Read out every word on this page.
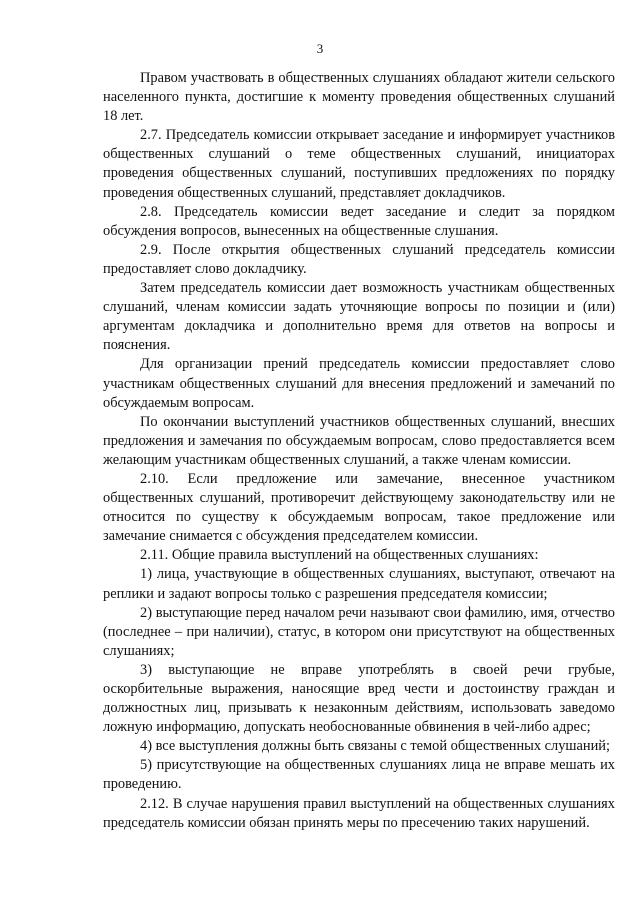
3

Правом участвовать в общественных слушаниях обладают жители сельского населенного пункта, достигшие к моменту проведения общественных слушаний 18 лет.

2.7. Председатель комиссии открывает заседание и информирует участников общественных слушаний о теме общественных слушаний, инициаторах проведения общественных слушаний, поступивших предложениях по порядку проведения общественных слушаний, представляет докладчиков.

2.8. Председатель комиссии ведет заседание и следит за порядком обсуждения вопросов, вынесенных на общественные слушания.

2.9. После открытия общественных слушаний председатель комиссии предоставляет слово докладчику.

Затем председатель комиссии дает возможность участникам общественных слушаний, членам комиссии задать уточняющие вопросы по позиции и (или) аргументам докладчика и дополнительно время для ответов на вопросы и пояснения.

Для организации прений председатель комиссии предоставляет слово участникам общественных слушаний для внесения предложений и замечаний по обсуждаемым вопросам.

По окончании выступлений участников общественных слушаний, внесших предложения и замечания по обсуждаемым вопросам, слово предоставляется всем желающим участникам общественных слушаний, а также членам комиссии.

2.10. Если предложение или замечание, внесенное участником общественных слушаний, противоречит действующему законодательству или не относится по существу к обсуждаемым вопросам, такое предложение или замечание снимается с обсуждения председателем комиссии.

2.11. Общие правила выступлений на общественных слушаниях:

1) лица, участвующие в общественных слушаниях, выступают, отвечают на реплики и задают вопросы только с разрешения председателя комиссии;

2) выступающие перед началом речи называют свои фамилию, имя, отчество (последнее – при наличии), статус, в котором они присутствуют на общественных слушаниях;

3) выступающие не вправе употреблять в своей речи грубые, оскорбительные выражения, наносящие вред чести и достоинству граждан и должностных лиц, призывать к незаконным действиям, использовать заведомо ложную информацию, допускать необоснованные обвинения в чей-либо адрес;

4) все выступления должны быть связаны с темой общественных слушаний;

5) присутствующие на общественных слушаниях лица не вправе мешать их проведению.

2.12. В случае нарушения правил выступлений на общественных слушаниях председатель комиссии обязан принять меры по пресечению таких нарушений.
